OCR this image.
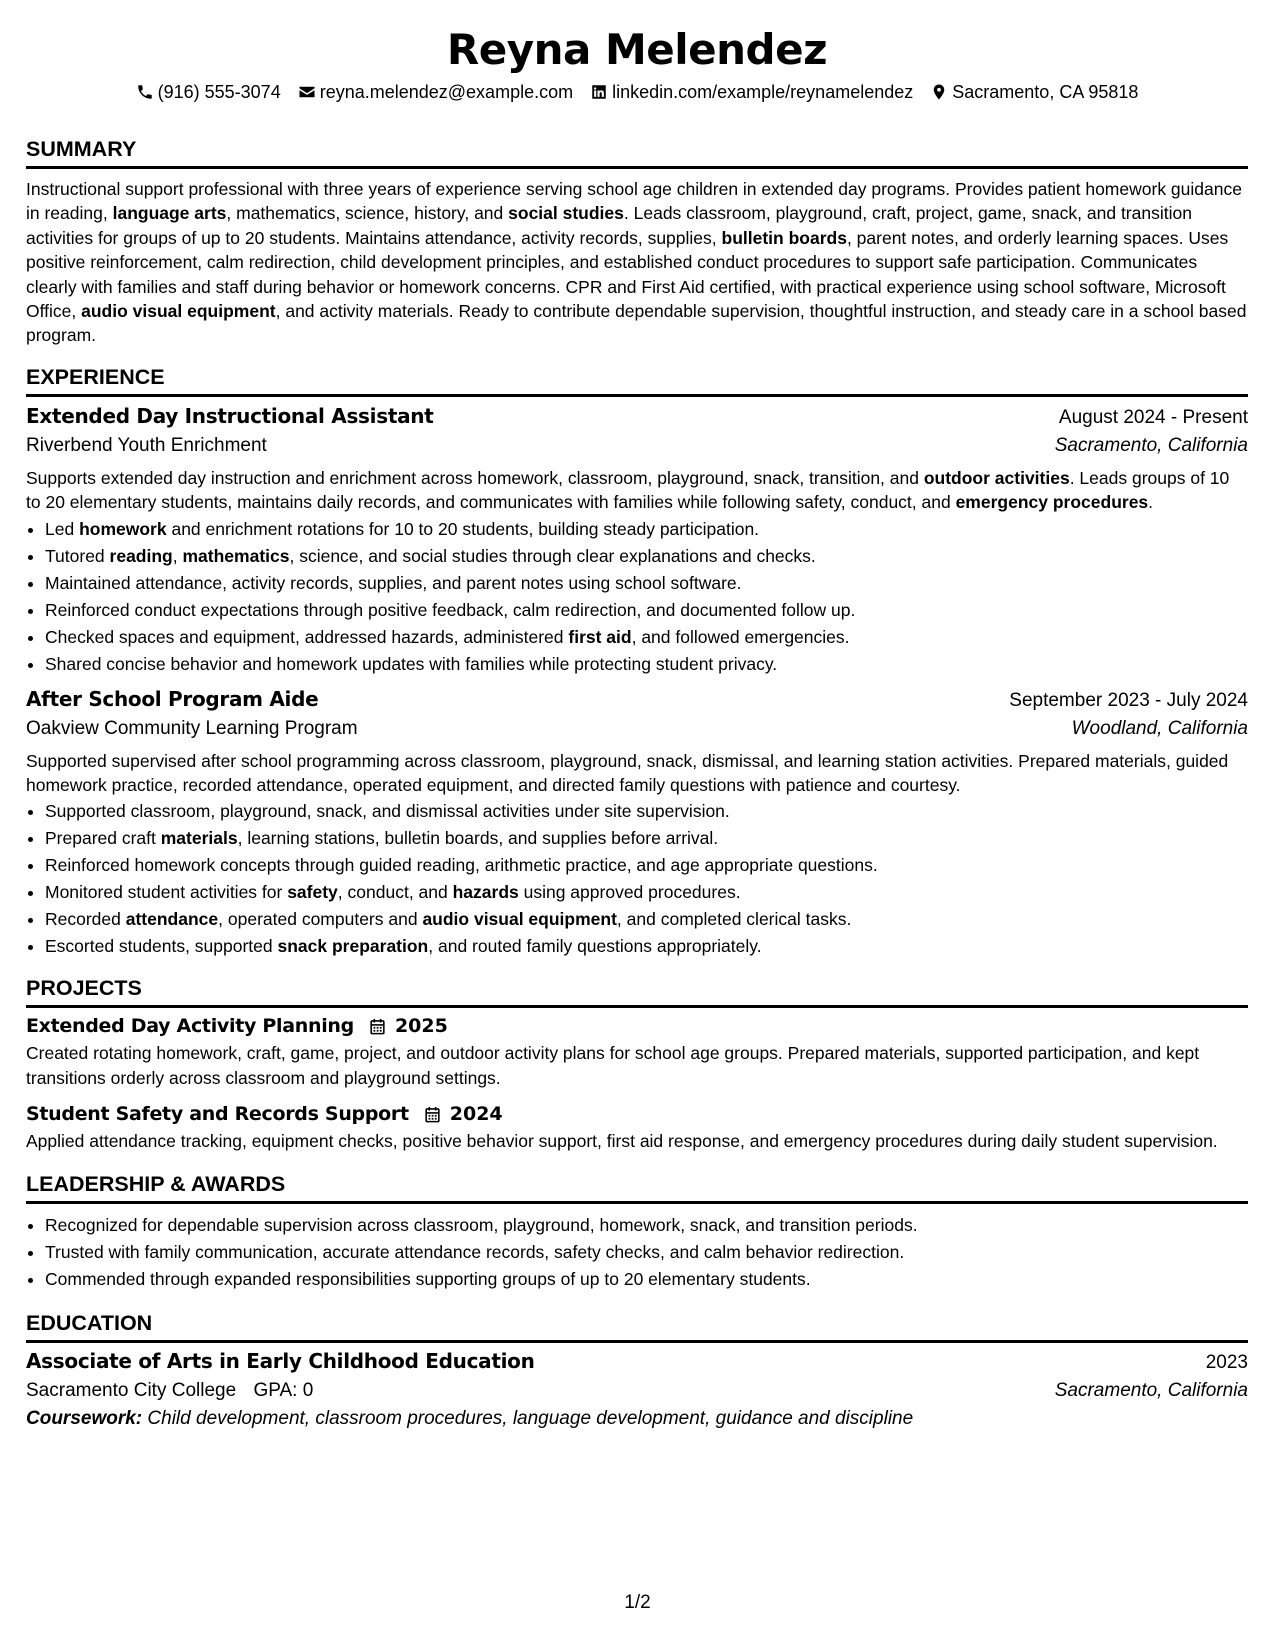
Reyna Melendez
(916) 555-3074 reyna.melendez@example.com linkedin.com/example/reynamelendez Sacramento, CA 95818
SUMMARY

Instructional support professional with three years of experience serving school age children in extended day programs. Provides patient homework guidance in reading, language arts, mathematics, science, history, and social studies. Leads classroom, playground, craft, project, game, snack, and transition activities for groups of up to 20 students. Maintains attendance, activity records, supplies, bulletin boards, parent notes, and orderly learning spaces. Uses positive reinforcement, calm redirection, child development principles, and established conduct procedures to support safe participation. Communicates clearly with families and staff during behavior or homework concerns. CPR and First Aid certified, with practical experience using school software, Microsoft Office, audio visual equipment, and activity materials. Ready to contribute dependable supervision, thoughtful instruction, and steady care in a school based program.

EXPERIENCE
Extended Day Instructional Assistant	August 2024 - Present
Riverbend Youth Enrichment	Sacramento, California

Supports extended day instruction and enrichment across homework, classroom, playground, snack, transition, and outdoor activities. Leads groups of 10 to 20 elementary students, maintains daily records, and communicates with families while following safety, conduct, and emergency procedures.

• Led homework and enrichment rotations for 10 to 20 students, building steady participation.
• Tutored reading, mathematics, science, and social studies through clear explanations and checks.
• Maintained attendance, activity records, supplies, and parent notes using school software.
• Reinforced conduct expectations through positive feedback, calm redirection, and documented follow up.
• Checked spaces and equipment, addressed hazards, administered first aid, and followed emergencies.
• Shared concise behavior and homework updates with families while protecting student privacy.
After School Program Aide	September 2023 - July 2024
Oakview Community Learning Program	Woodland, California

Supported supervised after school programming across classroom, playground, snack, dismissal, and learning station activities. Prepared materials, guided homework practice, recorded attendance, operated equipment, and directed family questions with patience and courtesy.

• Supported classroom, playground, snack, and dismissal activities under site supervision.
• Prepared craft materials, learning stations, bulletin boards, and supplies before arrival.
• Reinforced homework concepts through guided reading, arithmetic practice, and age appropriate questions.
• Monitored student activities for safety, conduct, and hazards using approved procedures.
• Recorded attendance, operated computers and audio visual equipment, and completed clerical tasks.
• Escorted students, supported snack preparation, and routed family questions appropriately.
PROJECTS
Extended Day Activity Planning 2025

Created rotating homework, craft, game, project, and outdoor activity plans for school age groups. Prepared materials, supported participation, and kept transitions orderly across classroom and playground settings.

Student Safety and Records Support 2024

Applied attendance tracking, equipment checks, positive behavior support, first aid response, and emergency procedures during daily student supervision.

LEADERSHIP & AWARDS
• Recognized for dependable supervision across classroom, playground, homework, snack, and transition periods.
• Trusted with family communication, accurate attendance records, safety checks, and calm behavior redirection.
• Commended through expanded responsibilities supporting groups of up to 20 elementary students.
EDUCATION
Associate of Arts in Early Childhood Education	2023
Sacramento City College GPA: 0	Sacramento, California
Coursework: Child development, classroom procedures, language development, guidance and discipline
1/2
